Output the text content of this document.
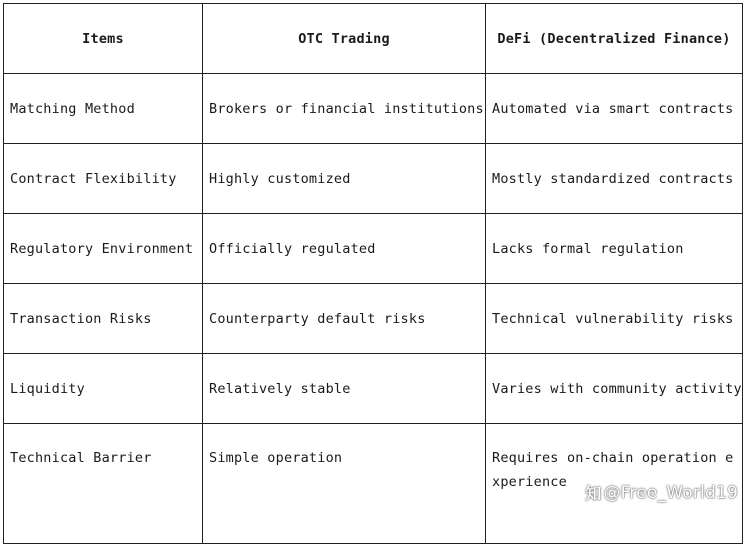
Items	OTC Trading	DeFi (Decentralized Finance)
Matching Method	Brokers or financial institutions	Automated via smart contracts
Contract Flexibility	Highly customized	Mostly standardized contracts
Regulatory Environment	Officially regulated	Lacks formal regulation
Transaction Risks	Counterparty default risks	Technical vulnerability risks
Liquidity	Relatively stable	Varies with community activity
Technical Barrier	Simple operation	Requires on-chain operation experience
知 @Free_World19
